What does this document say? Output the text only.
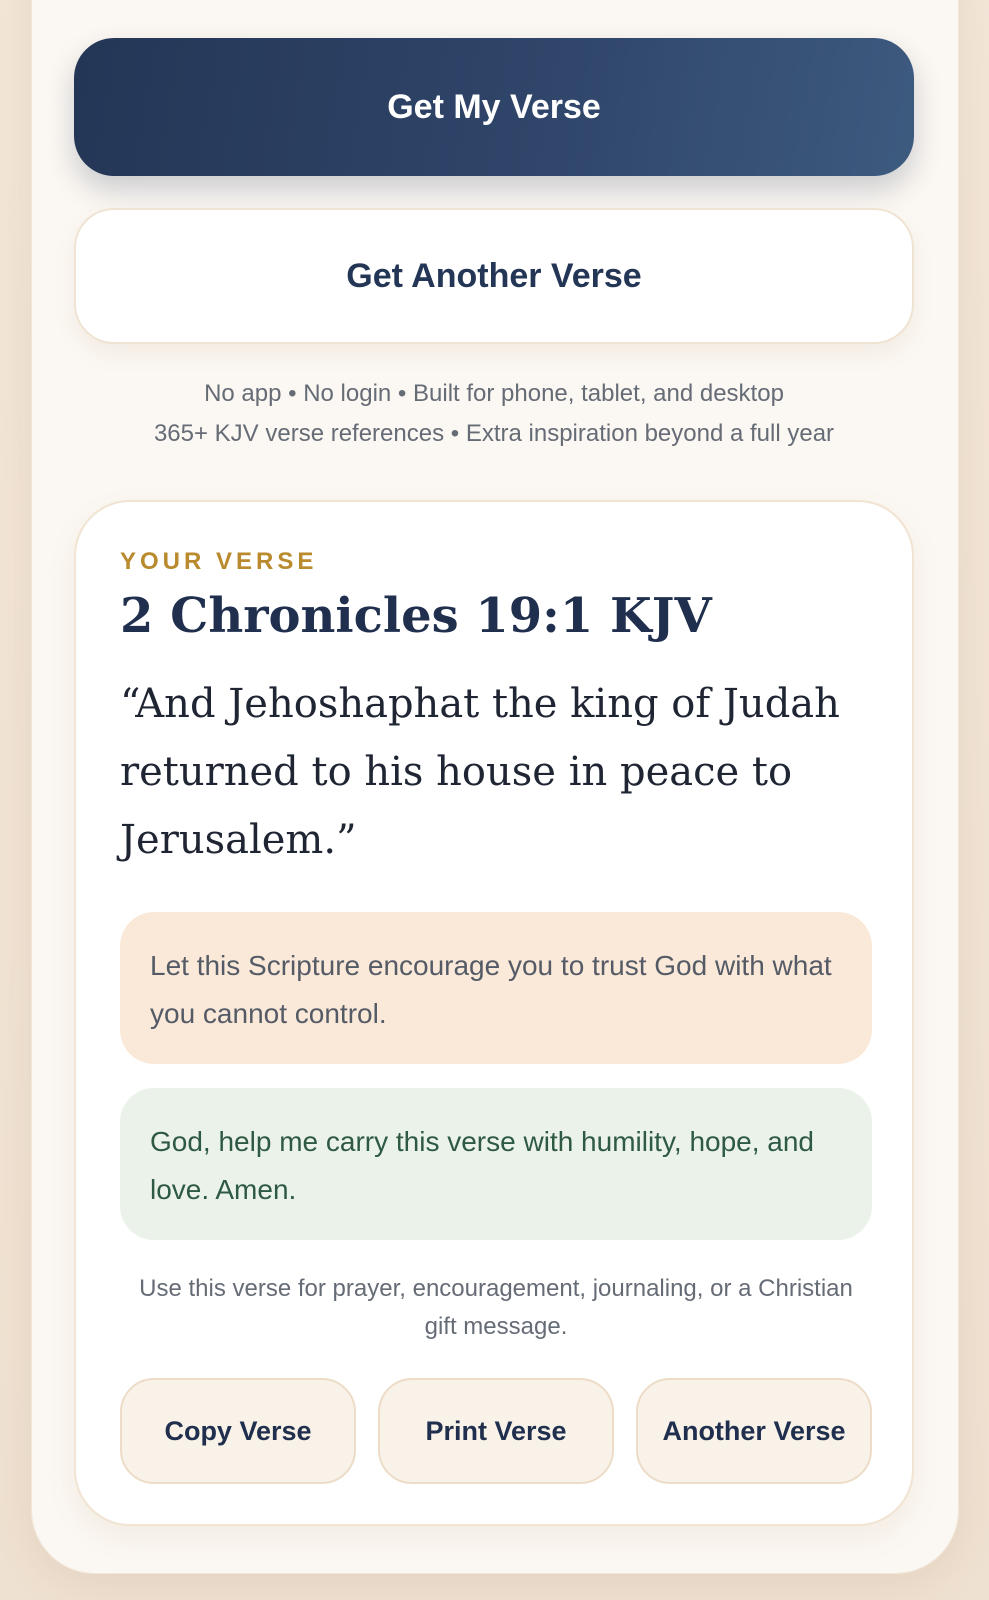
Get My Verse
Get Another Verse
No app • No login • Built for phone, tablet, and desktop
365+ KJV verse references • Extra inspiration beyond a full year
YOUR VERSE
2 Chronicles 19:1 KJV
“And Jehoshaphat the king of Judah returned to his house in peace to Jerusalem.”
Let this Scripture encourage you to trust God with what you cannot control.
God, help me carry this verse with humility, hope, and love. Amen.
Use this verse for prayer, encouragement, journaling, or a Christian gift message.
Copy Verse	Print Verse	Another Verse
